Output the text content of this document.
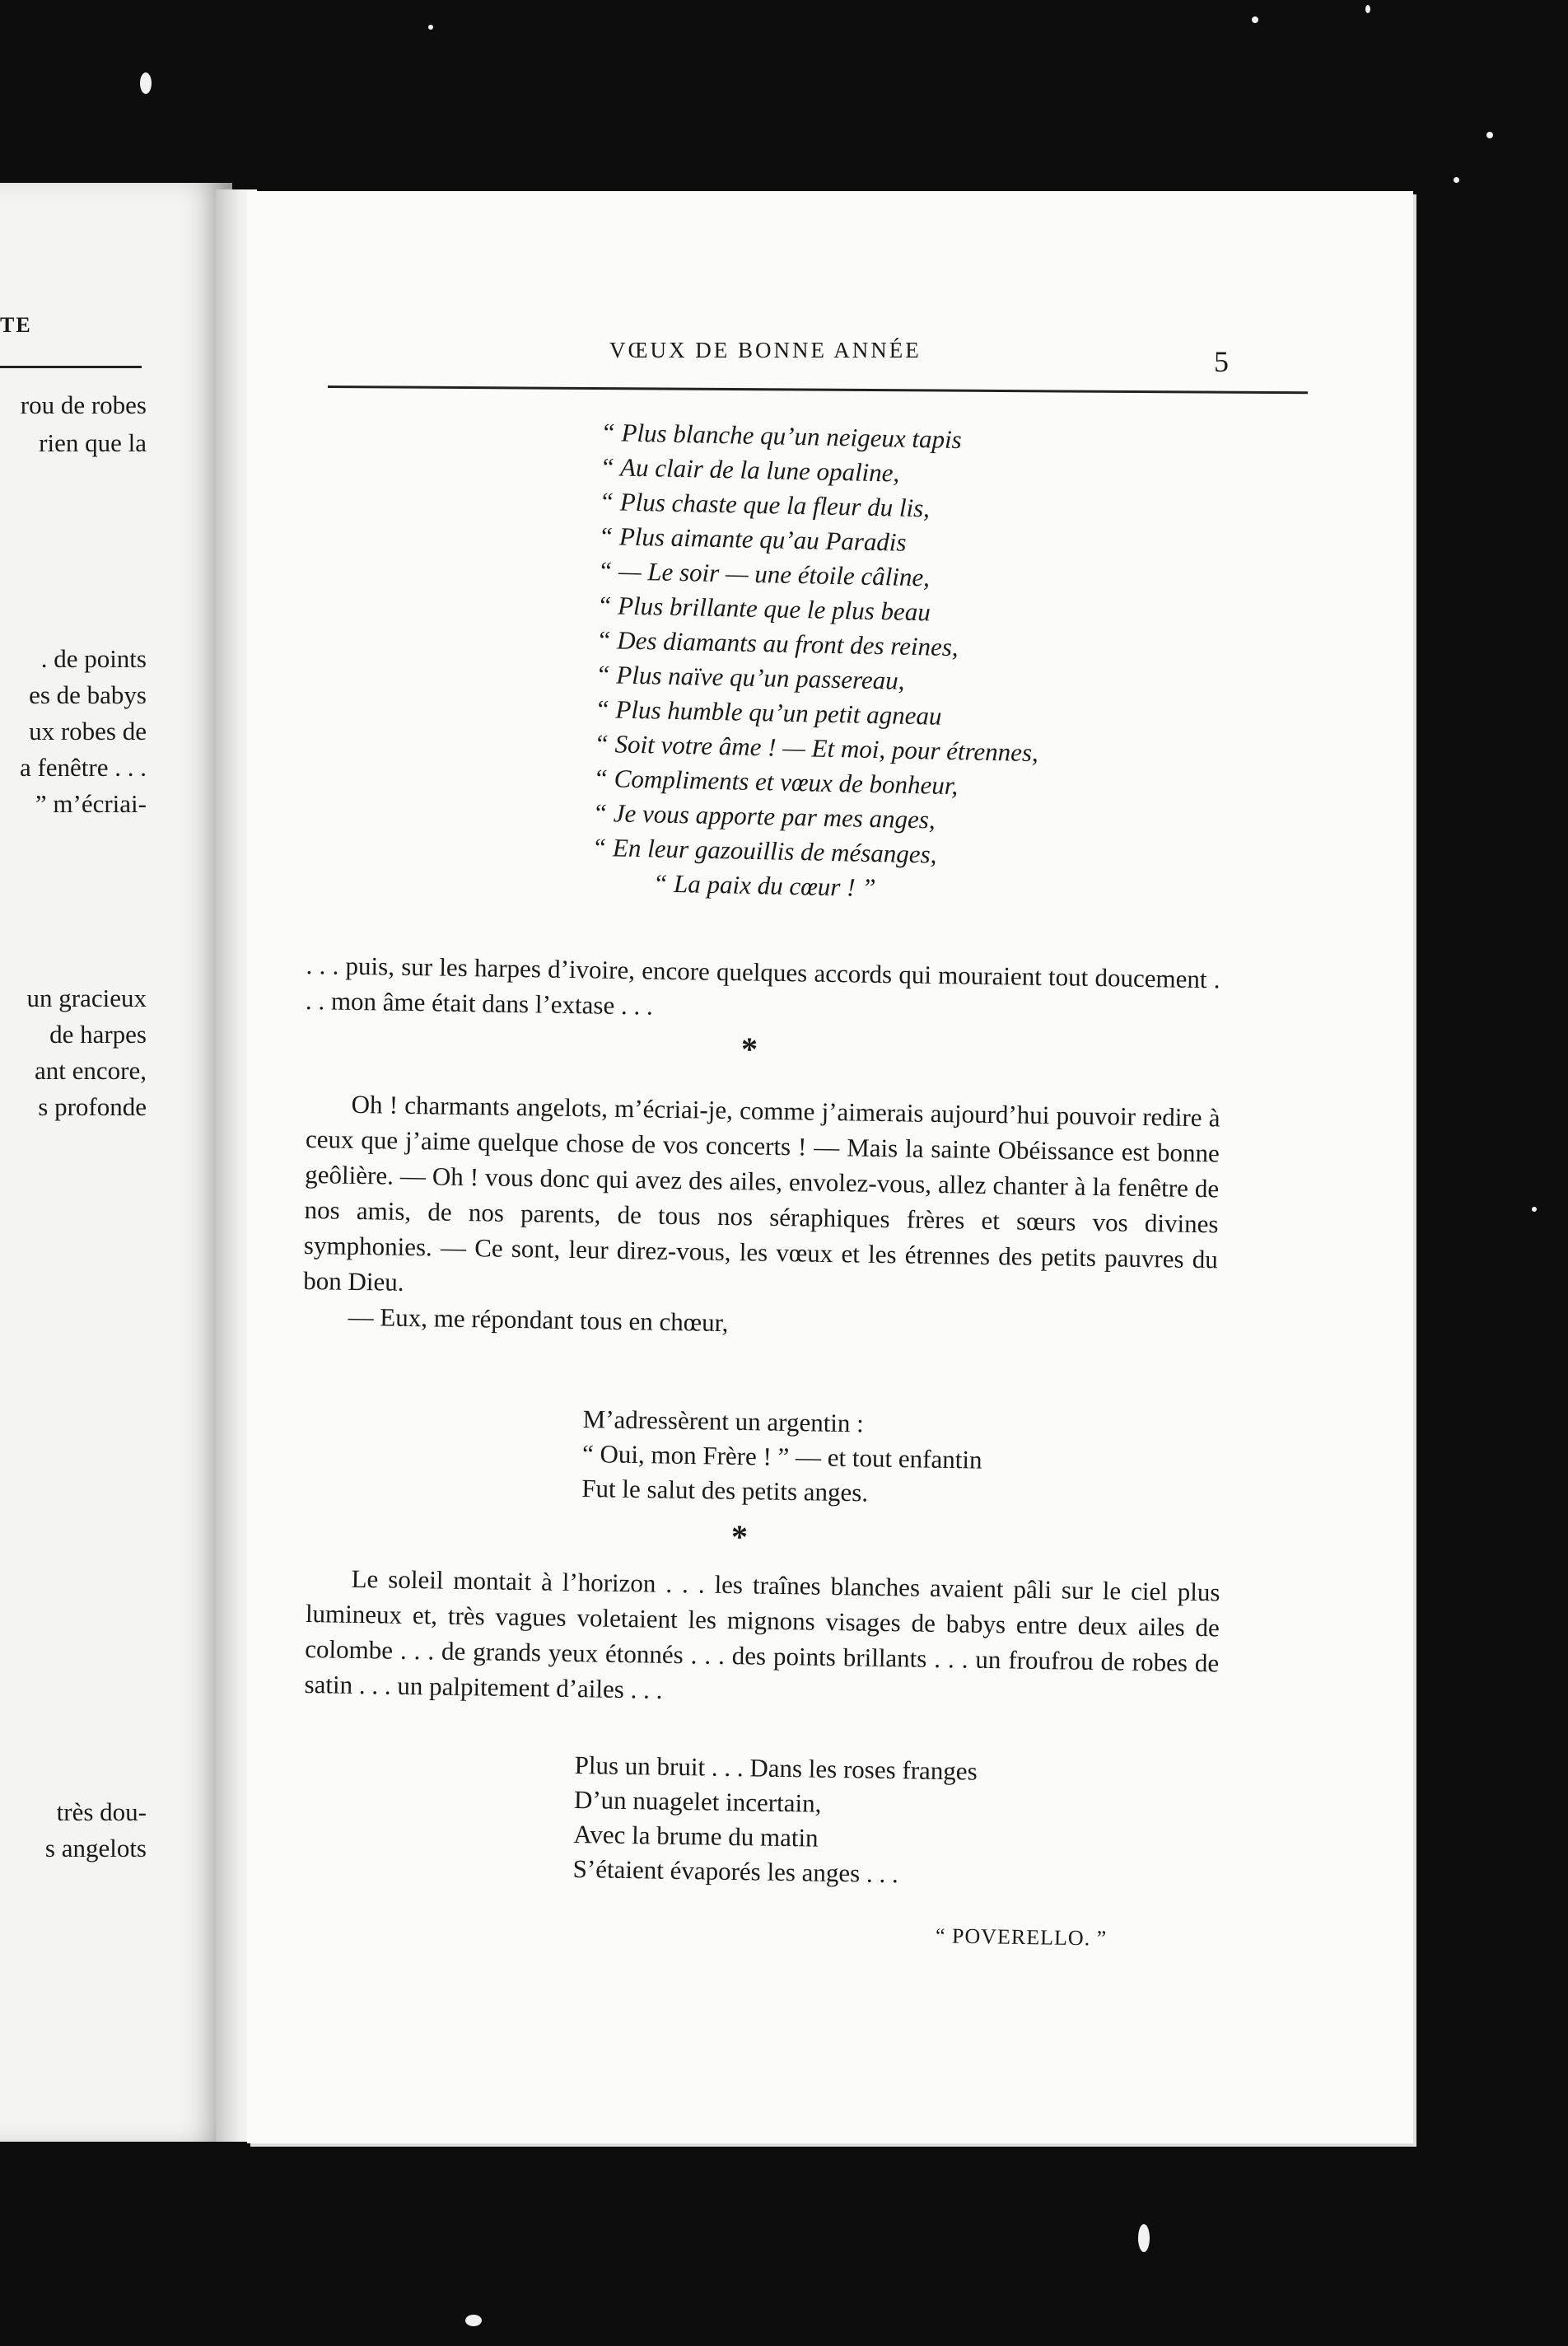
TE
rou de robes
rien que la
. de points
es de babys
ux robes de
a fenêtre . . .
” m’écriai-
un gracieux
de harpes
ant encore,
s profonde
très dou-
s angelots
VŒUX DE BONNE ANNÉE	5
“ Plus blanche qu’un neigeux tapis
“ Au clair de la lune opaline,
“ Plus chaste que la fleur du lis,
“ Plus aimante qu’au Paradis
“ — Le soir — une étoile câline,
“ Plus brillante que le plus beau
“ Des diamants au front des reines,
“ Plus naïve qu’un passereau,
“ Plus humble qu’un petit agneau
“ Soit votre âme ! — Et moi, pour étrennes,
“ Compliments et vœux de bonheur,
“ Je vous apporte par mes anges,
“ En leur gazouillis de mésanges,
“ La paix du cœur ! ”

. . . puis, sur les harpes d’ivoire, encore quelques accords qui mouraient tout doucement . . . mon âme était dans l’extase . . .

*

Oh ! charmants angelots, m’écriai-je, comme j’aimerais aujourd’hui pouvoir redire à ceux que j’aime quelque chose de vos concerts ! — Mais la sainte Obéissance est bonne geôlière. — Oh ! vous donc qui avez des ailes, envolez-vous, allez chanter à la fenêtre de nos amis, de nos parents, de tous nos séraphiques frères et sœurs vos divines symphonies. — Ce sont, leur direz-vous, les vœux et les étrennes des petits pauvres du bon Dieu.

— Eux, me répondant tous en chœur,

M’adressèrent un argentin :
“ Oui, mon Frère ! ” — et tout enfantin
Fut le salut des petits anges.
*

Le soleil montait à l’horizon . . . les traînes blanches avaient pâli sur le ciel plus lumineux et, très vagues voletaient les mignons visages de babys entre deux ailes de colombe . . . de grands yeux étonnés . . . des points brillants . . . un froufrou de robes de satin . . . un palpitement d’ailes . . .

Plus un bruit . . . Dans les roses franges
D’un nuagelet incertain,
Avec la brume du matin
S’étaient évaporés les anges . . .
“ POVERELLO. ”
